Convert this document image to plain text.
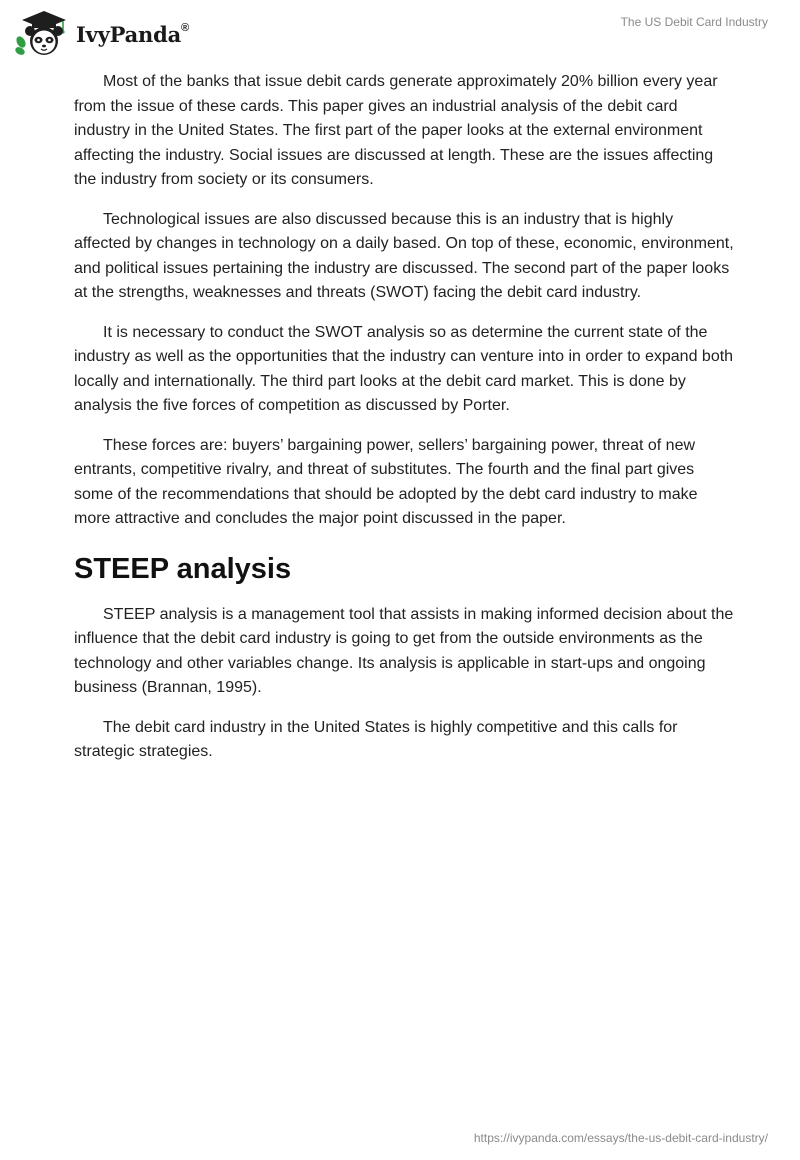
IvyPanda®	The US Debit Card Industry

Most of the banks that issue debit cards generate approximately 20% billion every year from the issue of these cards. This paper gives an industrial analysis of the debit card industry in the United States. The first part of the paper looks at the external environment affecting the industry. Social issues are discussed at length. These are the issues affecting the industry from society or its consumers.

Technological issues are also discussed because this is an industry that is highly affected by changes in technology on a daily based. On top of these, economic, environment, and political issues pertaining the industry are discussed. The second part of the paper looks at the strengths, weaknesses and threats (SWOT) facing the debit card industry.

It is necessary to conduct the SWOT analysis so as determine the current state of the industry as well as the opportunities that the industry can venture into in order to expand both locally and internationally. The third part looks at the debit card market. This is done by analysis the five forces of competition as discussed by Porter.

These forces are: buyers’ bargaining power, sellers’ bargaining power, threat of new entrants, competitive rivalry, and threat of substitutes. The fourth and the final part gives some of the recommendations that should be adopted by the debt card industry to make more attractive and concludes the major point discussed in the paper.

STEEP analysis

STEEP analysis is a management tool that assists in making informed decision about the influence that the debit card industry is going to get from the outside environments as the technology and other variables change. Its analysis is applicable in start-ups and ongoing business (Brannan, 1995).

The debit card industry in the United States is highly competitive and this calls for strategic strategies.

https://ivypanda.com/essays/the-us-debit-card-industry/
